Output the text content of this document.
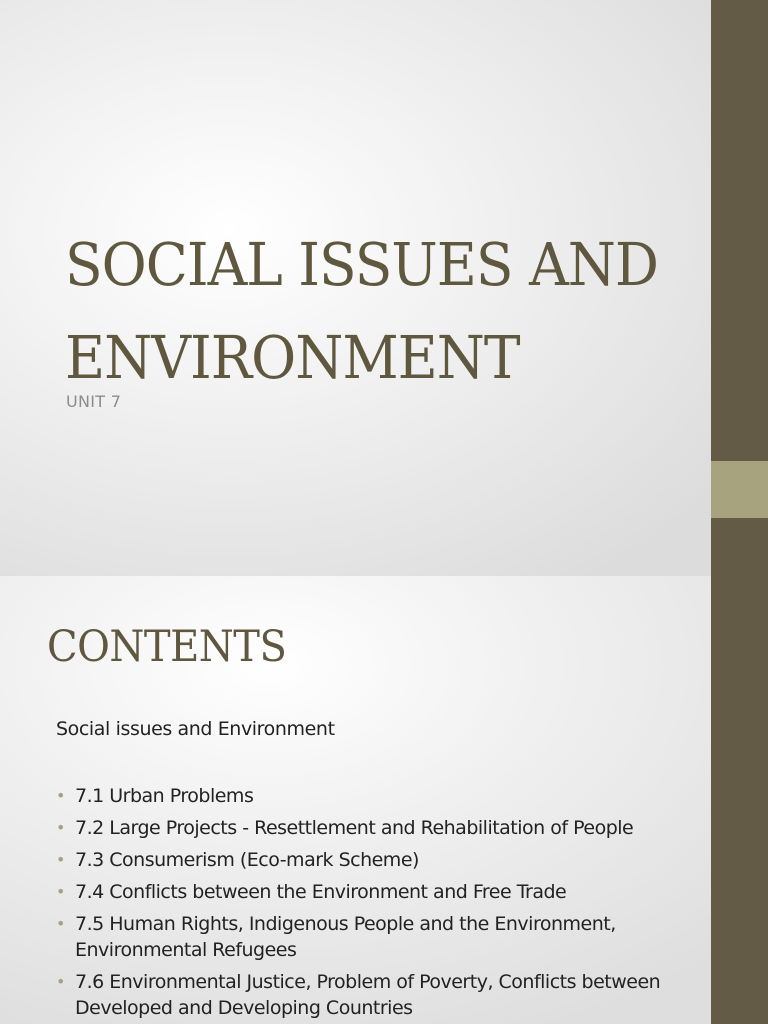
SOCIAL ISSUES AND ENVIRONMENT

UNIT 7

CONTENTS

Social issues and Environment

• 7.1 Urban Problems
• 7.2 Large Projects - Resettlement and Rehabilitation of People
• 7.3 Consumerism (Eco-mark Scheme)
• 7.4 Conflicts between the Environment and Free Trade
• 7.5 Human Rights, Indigenous People and the Environment, Environmental Refugees
• 7.6 Environmental Justice, Problem of Poverty, Conflicts between Developed and Developing Countries
